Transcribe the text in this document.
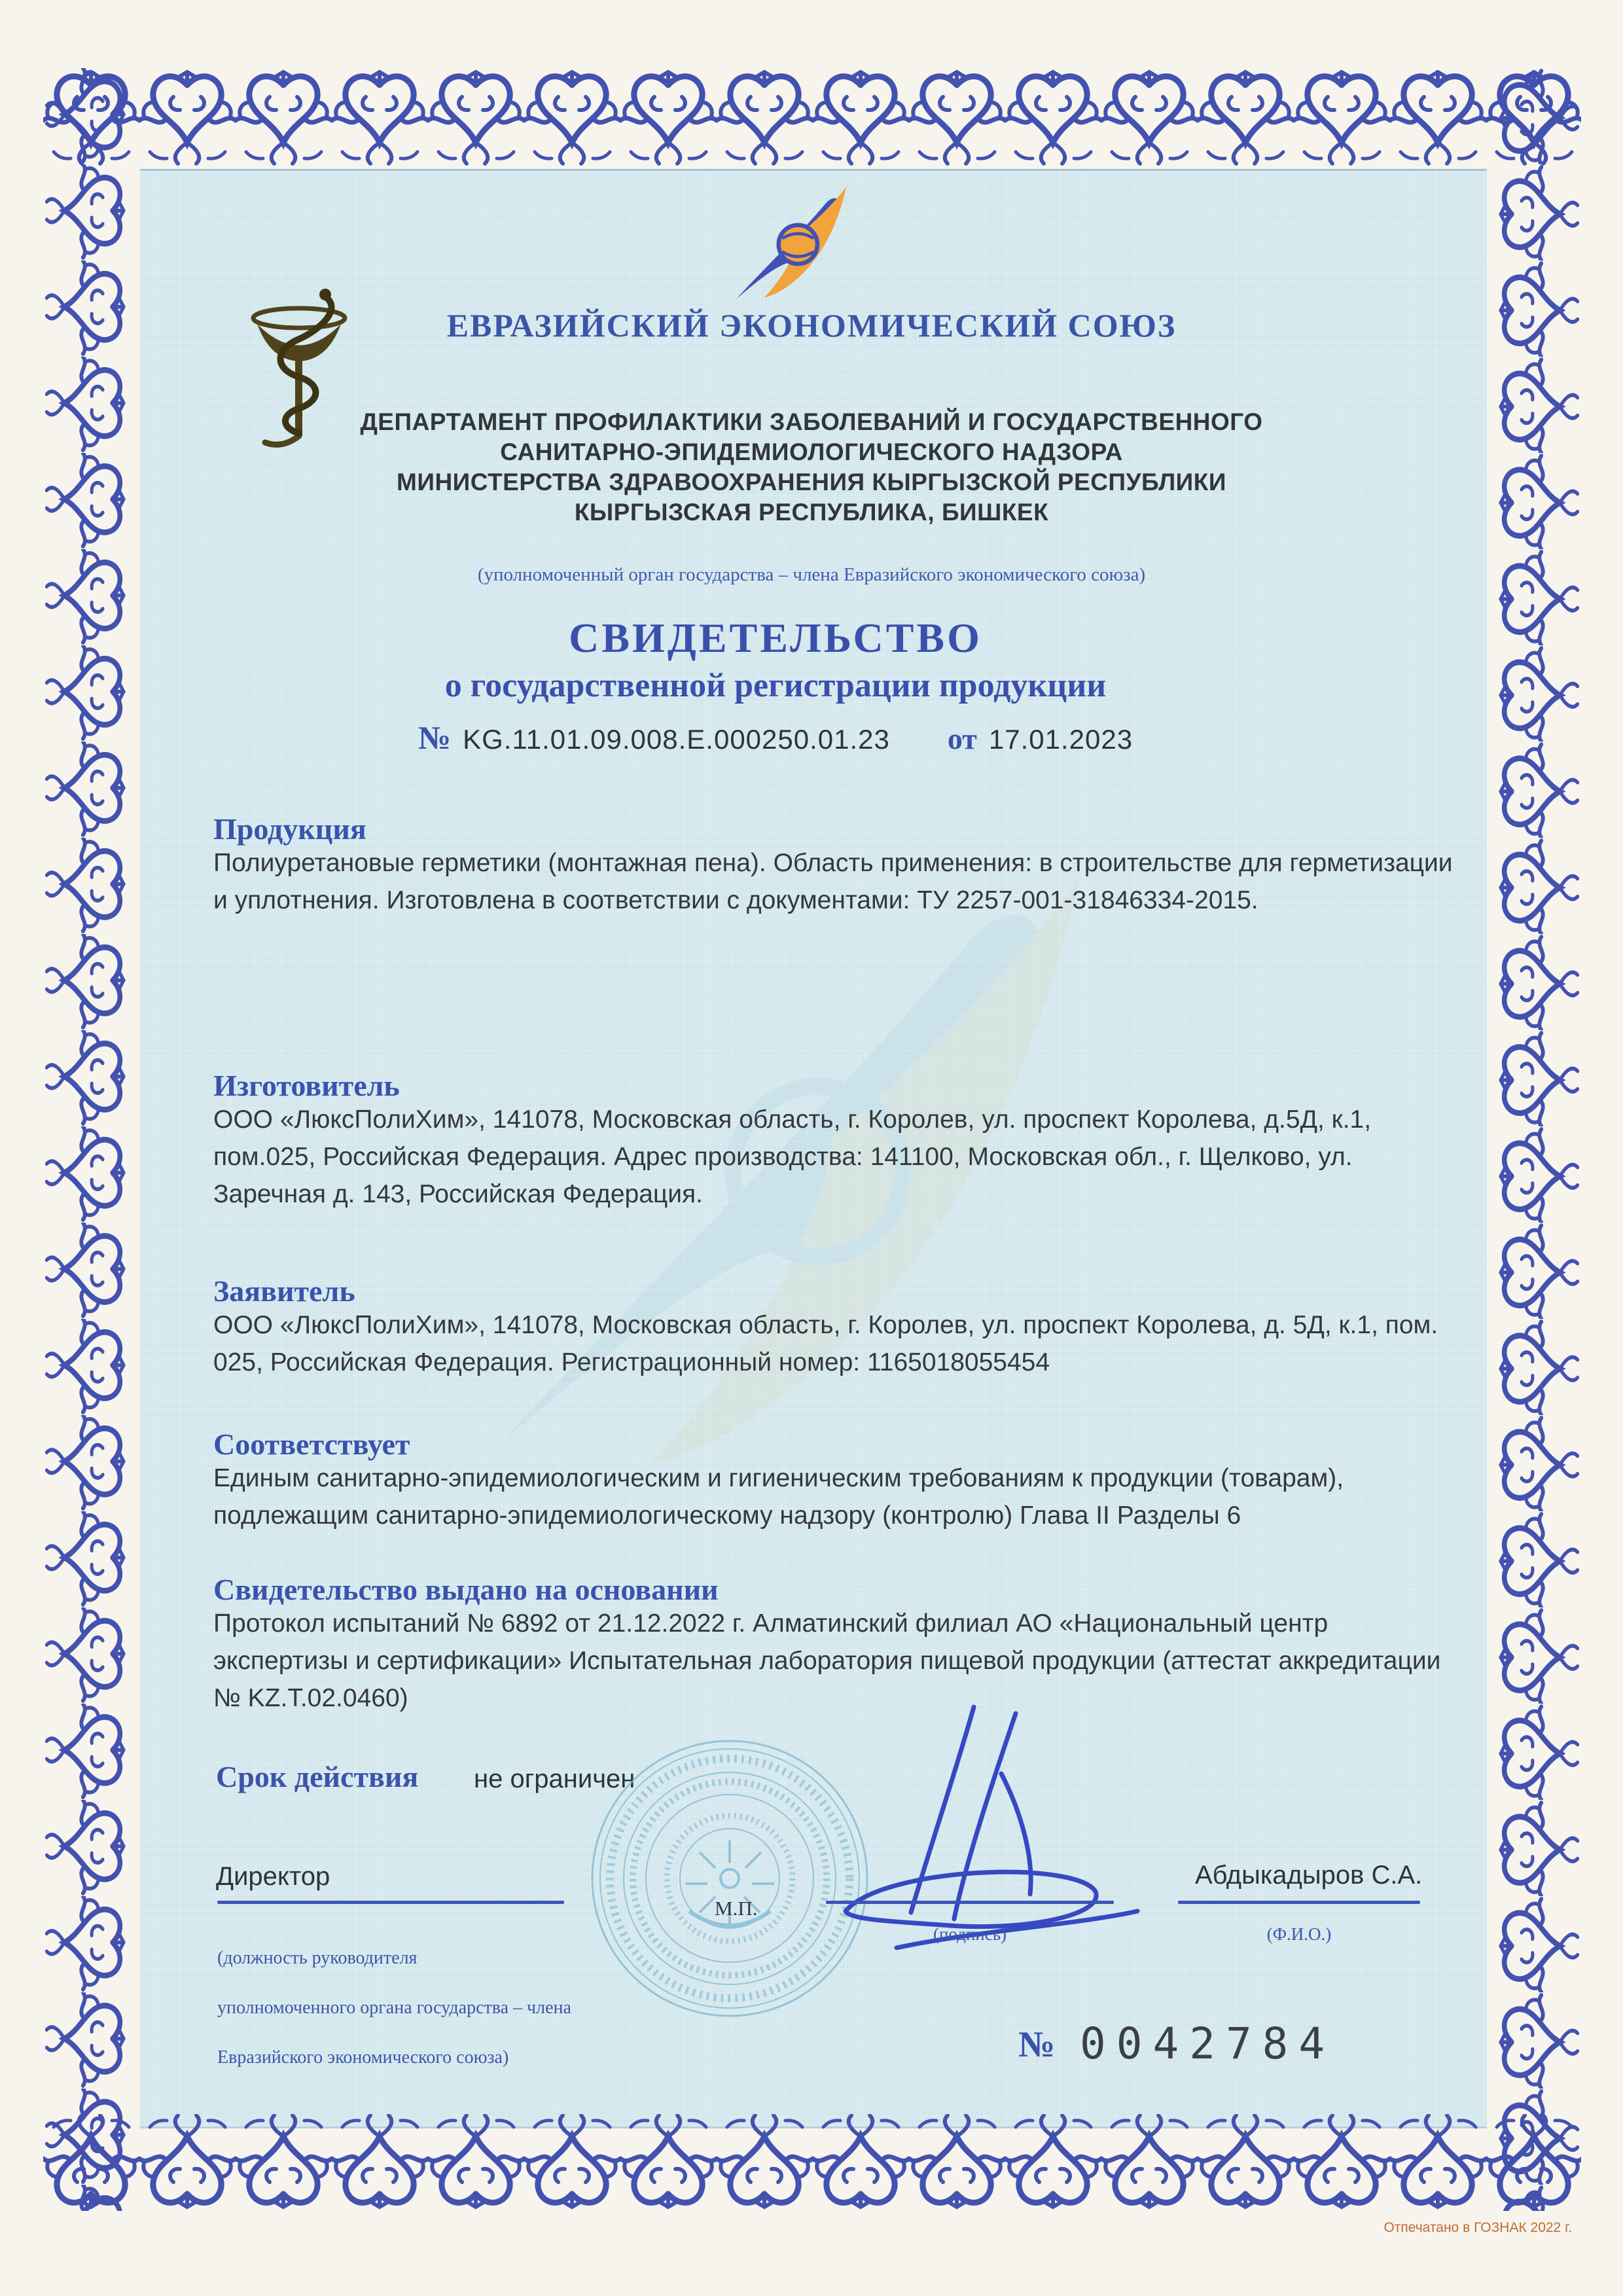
ЕВРАЗИЙСКИЙ ЭКОНОМИЧЕСКИЙ СОЮЗ
ДЕПАРТАМЕНТ ПРОФИЛАКТИКИ ЗАБОЛЕВАНИЙ И ГОСУДАРСТВЕННОГО
САНИТАРНО-ЭПИДЕМИОЛОГИЧЕСКОГО НАДЗОРА
МИНИСТЕРСТВА ЗДРАВООХРАНЕНИЯ КЫРГЫЗСКОЙ РЕСПУБЛИКИ
КЫРГЫЗСКАЯ РЕСПУБЛИКА, БИШКЕК
(уполномоченный орган государства – члена Евразийского экономического союза)
СВИДЕТЕЛЬСТВО
о государственной регистрации продукции
№ KG.11.01.09.008.E.000250.01.23 от 17.01.2023
Продукция
Полиуретановые герметики (монтажная пена). Область применения: в строительстве для герметизации и уплотнения. Изготовлена в соответствии с документами: ТУ 2257-001-31846334-2015.
Изготовитель
ООО «ЛюксПолиХим», 141078, Московская область, г. Королев, ул. проспект Королева, д.5Д, к.1, пом.025, Российская Федерация. Адрес производства: 141100, Московская обл., г. Щелково, ул. Заречная д. 143, Российская Федерация.
Заявитель
ООО «ЛюксПолиХим», 141078, Московская область, г. Королев, ул. проспект Королева, д. 5Д, к.1, пом. 025, Российская Федерация. Регистрационный номер: 1165018055454
Соответствует
Единым санитарно-эпидемиологическим и гигиеническим требованиям к продукции (товарам), подлежащим санитарно-эпидемиологическому надзору (контролю) Глава II Разделы 6
Свидетельство выдано на основании
Протокол испытаний № 6892 от 21.12.2022 г. Алматинский филиал АО «Национальный центр экспертизы и сертификации» Испытательная лаборатория пищевой продукции (аттестат аккредитации № KZ.T.02.0460)
Срок действия не ограничен
Директор
М.П.
(подпись)
Абдыкадыров С.А.
(Ф.И.О.)
(должность руководителя
уполномоченного органа государства – члена
Евразийского экономического союза)	№ 0042784
Отпечатано в ГОЗНАК 2022 г.
